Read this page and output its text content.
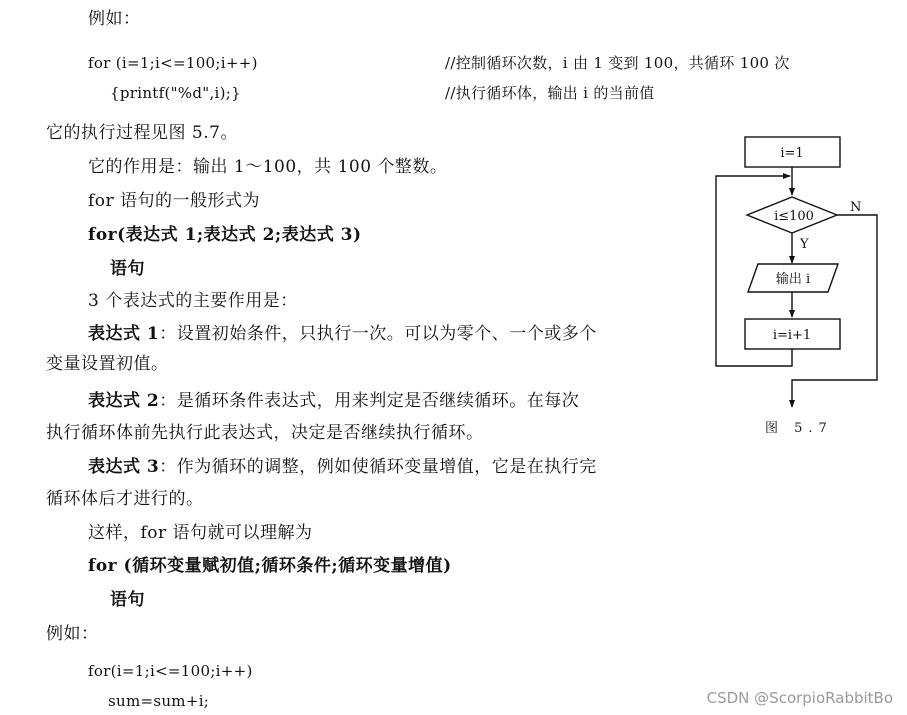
例如：
for (i=1;i<=100;i++)	//控制循环次数，i 由 1 变到 100，共循环 100 次
{printf("%d",i);}	//执行循环体，输出 i 的当前值
它的执行过程见图 5.7。
它的作用是：输出 1～100，共 100 个整数。
for 语句的一般形式为
for(表达式 1;表达式 2;表达式 3)
语句
3 个表达式的主要作用是：
表达式 1：设置初始条件，只执行一次。可以为零个、一个或多个
变量设置初值。
表达式 2：是循环条件表达式，用来判定是否继续循环。在每次
执行循环体前先执行此表达式，决定是否继续执行循环。
表达式 3：作为循环的调整，例如使循环变量增值，它是在执行完
循环体后才进行的。
这样，for 语句就可以理解为
for (循环变量赋初值;循环条件;循环变量增值)
语句
例如：
for(i=1;i<=100;i++)
sum=sum+i;
i=1
i≤100
Y
输出 i
i=i+1
N
图 5.7
CSDN @ScorpioRabbitBo
